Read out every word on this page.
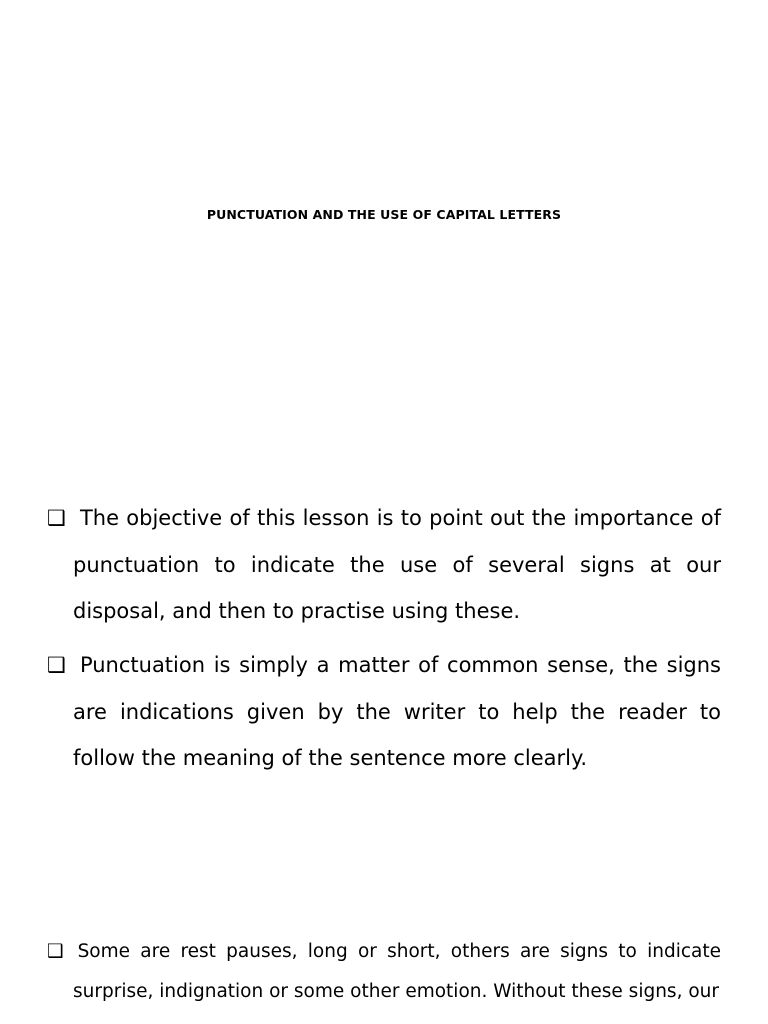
PUNCTUATION AND THE USE OF CAPITAL LETTERS

❑ The objective of this lesson is to point out the importance of punctuation to indicate the use of several signs at our disposal, and then to practise using these.

❑ Punctuation is simply a matter of common sense, the signs are indications given by the writer to help the reader to follow the meaning of the sentence more clearly.

❑ Some are rest pauses, long or short, others are signs to indicate surprise, indignation or some other emotion. Without these signs, our
